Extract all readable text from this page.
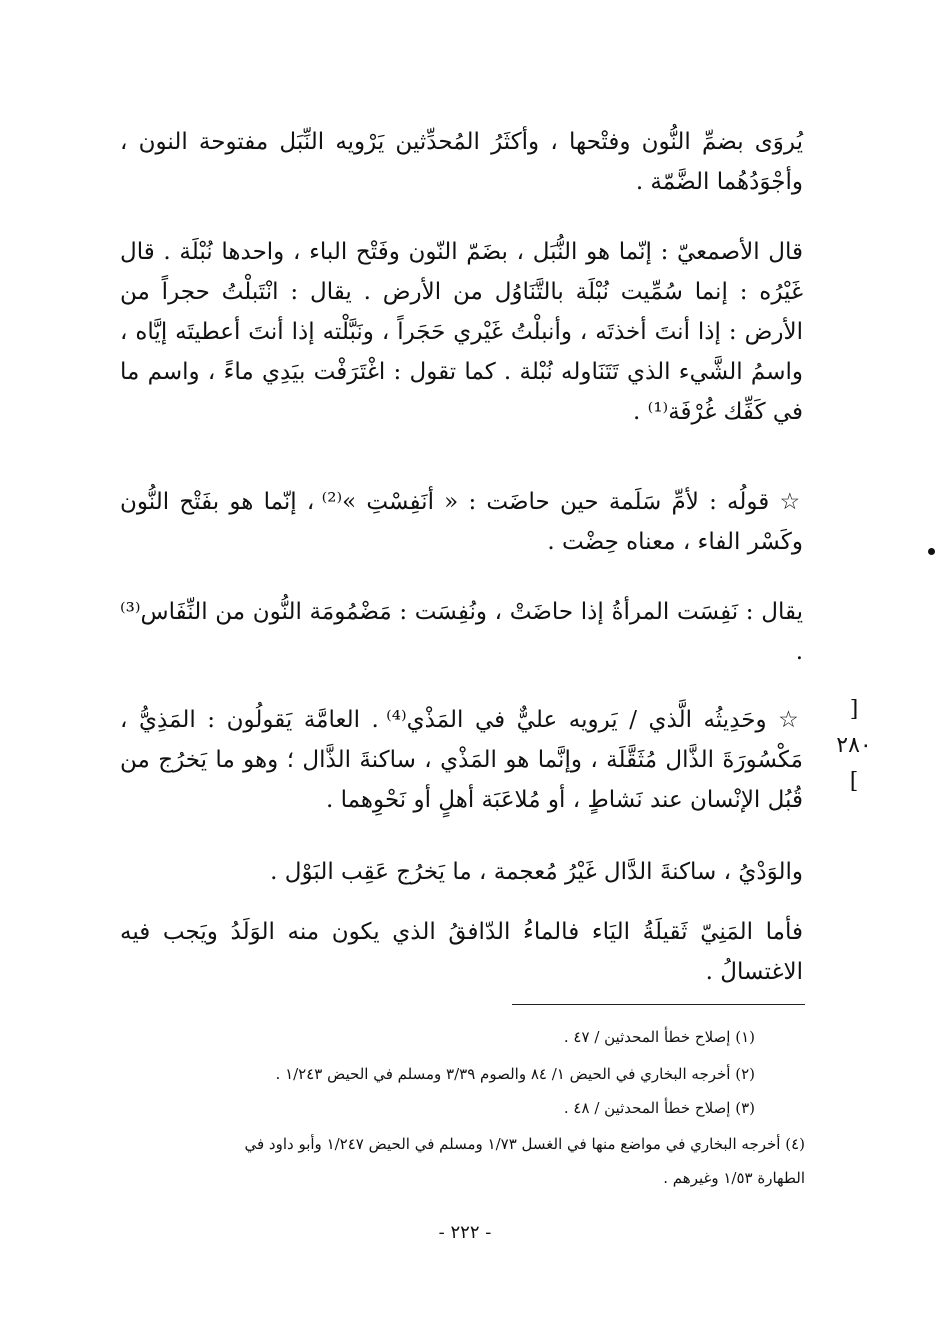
يُروَى بضمِّ النُّون وفتْحها ، وأكثَرُ المُحدِّثين يَرْويه النِّبَل مفتوحة النون ، وأجْوَدُهُما الضَّمّة .

قال الأصمعيّ : إنّما هو النُّبَل ، بضَمّ النّون وفَتْح الباء ، واحدها نُبْلَة . قال غَيْرُه : إنما سُمِّيت نُبْلَة بالتَّنَاوُل من الأرض . يقال : انْتَبلْتُ حجراً من الأرض : إذا أنتَ أخذتَه ، وأنبلْتُ غَيْري حَجَراً ، ونَبَّلْته إذا أنتَ أعطيتَه إيَّاه ، واسمُ الشَّيء الذي تَتَنَاوله نُبْلة . كما تقول : اغْتَرَفْت بيَدِي ماءً ، واسم ما في كَفِّك غُرْفَة⁽¹⁾ .

☆ قولُه : لأمِّ سَلَمة حين حاضَت : « أنَفِسْتِ »⁽²⁾ ، إنّما هو بفَتْح النُّون وكَسْر الفاء ، معناه حِضْت .

يقال : نَفِسَت المرأةُ إذا حاضَتْ ، ونُفِسَت : مَضْمُومَة النُّون من النِّفَاس⁽³⁾ .

[ ٢٨٠ ]

☆ وحَدِيثُه الَّذي / يَرويه عليٌّ في المَذْي⁽⁴⁾ . العامَّة يَقولُون : المَذِيُّ ، مَكْسُورَةَ الذَّال مُثَقَّلَة ، وإنَّما هو المَذْي ، ساكنةَ الذَّال ؛ وهو ما يَخرُج من قُبُل الإنْسان عند نَشاطٍ ، أو مُلاعَبَة أهلٍ أو نَحْوِهما .

والوَدْيُ ، ساكنةَ الدَّال غَيْرُ مُعجمة ، ما يَخرُج عَقِب البَوْل .

فأما المَنِيّ ثَقيلَةُ اليَاء فالماءُ الدّافقُ الذي يكون منه الوَلَدُ ويَجب فيه الاغتسالُ .

(١) إصلاح خطأ المحدثين / ٤٧ .

(٢) أخرجه البخاري في الحيض ١/ ٨٤ والصوم ٣/٣٩ ومسلم في الحيض ١/٢٤٣ .

(٣) إصلاح خطأ المحدثين / ٤٨ .

(٤) أخرجه البخاري في مواضع منها في الغسل ١/٧٣ ومسلم في الحيض ١/٢٤٧ وأبو داود في

الطهارة ١/٥٣ وغيرهم .

- ٢٢٢ -
